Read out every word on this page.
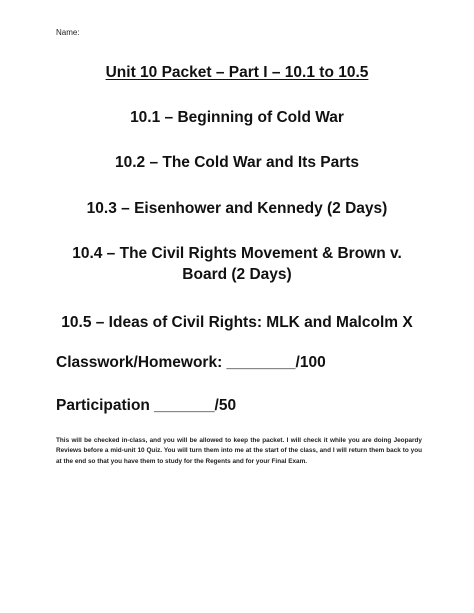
Name:
Unit 10 Packet – Part I – 10.1 to 10.5
10.1 – Beginning of Cold War
10.2 – The Cold War and Its Parts
10.3 – Eisenhower and Kennedy (2 Days)
10.4 – The Civil Rights Movement & Brown v. Board (2 Days)
10.5 – Ideas of Civil Rights: MLK and Malcolm X
Classwork/Homework: ________/100
Participation _______/50
This will be checked in-class, and you will be allowed to keep the packet. I will check it while you are doing Jeopardy Reviews before a mid-unit 10 Quiz. You will turn them into me at the start of the class, and I will return them back to you at the end so that you have them to study for the Regents and for your Final Exam.
